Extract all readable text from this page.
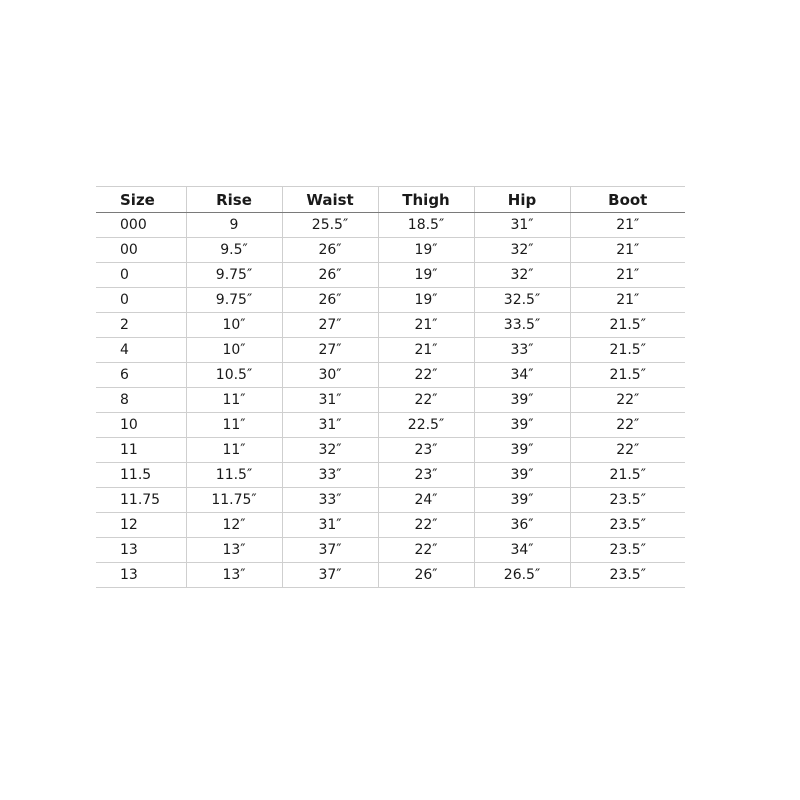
Size	Rise	Waist	Thigh	Hip	Boot
000	9	25.5″	18.5″	31″	21″
00	9.5″	26″	19″	32″	21″
0	9.75″	26″	19″	32″	21″
0	9.75″	26″	19″	32.5″	21″
2	10″	27″	21″	33.5″	21.5″
4	10″	27″	21″	33″	21.5″
6	10.5″	30″	22″	34″	21.5″
8	11″	31″	22″	39″	22″
10	11″	31″	22.5″	39″	22″
11	11″	32″	23″	39″	22″
11.5	11.5″	33″	23″	39″	21.5″
11.75	11.75″	33″	24″	39″	23.5″
12	12″	31″	22″	36″	23.5″
13	13″	37″	22″	34″	23.5″
13	13″	37″	26″	26.5″	23.5″
